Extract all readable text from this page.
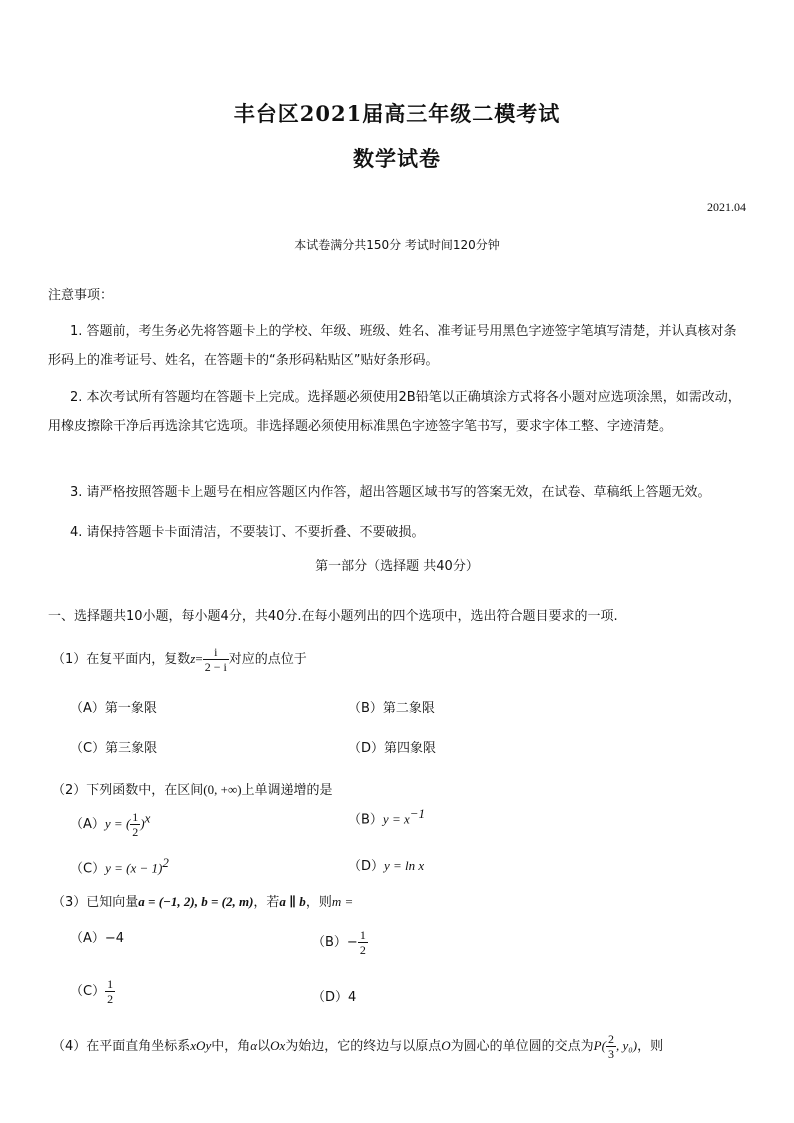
丰台区2021届高三年级二模考试
数学试卷
2021.04
本试卷满分共150分 考试时间120分钟
注意事项：
1. 答题前，考生务必先将答题卡上的学校、年级、班级、姓名、准考证号用黑色字迹签字笔填写清楚，并认真核对条形码上的准考证号、姓名，在答题卡的“条形码粘贴区”贴好条形码。
2. 本次考试所有答题均在答题卡上完成。选择题必须使用2B铅笔以正确填涂方式将各小题对应选项涂黑，如需改动，用橡皮擦除干净后再选涂其它选项。非选择题必须使用标准黑色字迹签字笔书写，要求字体工整、字迹清楚。
3. 请严格按照答题卡上题号在相应答题区内作答，超出答题区域书写的答案无效，在试卷、草稿纸上答题无效。
4. 请保持答题卡卡面清洁，不要装订、不要折叠、不要破损。
第一部分（选择题 共40分）
一、选择题共10小题，每小题4分，共40分.在每小题列出的四个选项中，选出符合题目要求的一项.
（1）在复平面内，复数$z= \frac{i}{2 - i}$ 对应的点位于
（A）第一象限	（B）第二象限
（C）第三象限	（D）第四象限
（2）下列函数中，在区间(0, +∞)上单调递增的是
（A）y = ( $\frac{1}{2} )^x$	$(B)y = x^{-1}$
$(C)y = (x - 1)^2$	（D）y = ln x
（3）已知向量a = (−1, 2), b = (2, m)，若a ∥ b，则m =
（A）−4	$(B)- \frac{1}{2}$
$(C) \frac{1}{2}$	（D）4
（4）在平面直角坐标系xOy中，角α以Ox为始边，它的终边与以原点O为圆心的单位圆的交点为$P( \frac{2}{3}$ , y₀)，则
